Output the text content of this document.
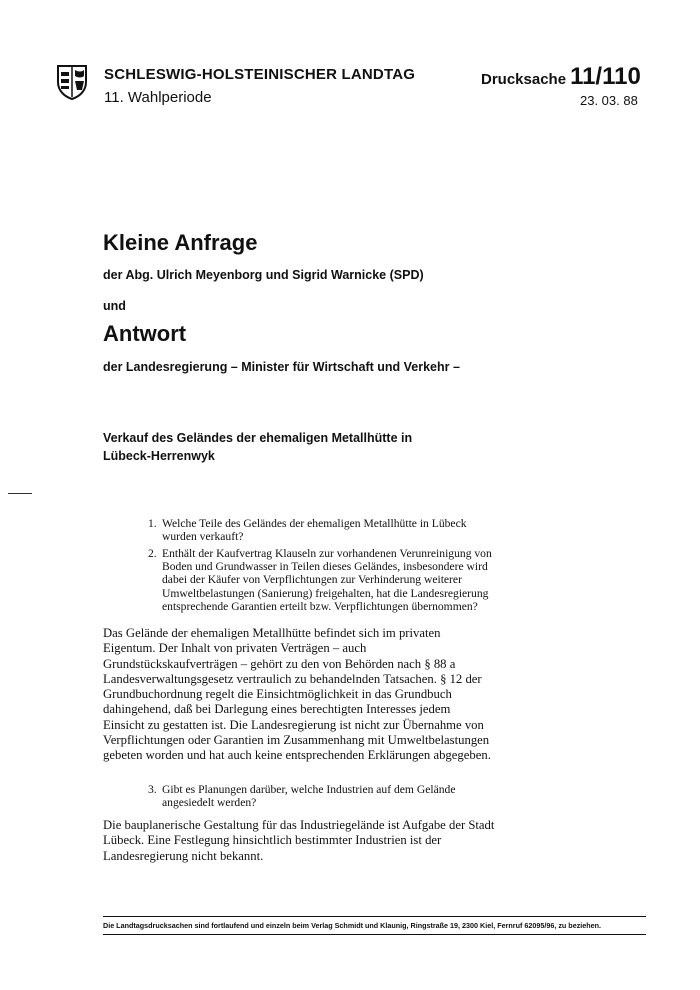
SCHLESWIG-HOLSTEINISCHER LANDTAG
11. Wahlperiode
Drucksache 11/110
23. 03. 88
Kleine Anfrage
der Abg. Ulrich Meyenborg und Sigrid Warnicke (SPD)
und
Antwort
der Landesregierung – Minister für Wirtschaft und Verkehr –
Verkauf des Geländes der ehemaligen Metallhütte in Lübeck-Herrenwyk
1. Welche Teile des Geländes der ehemaligen Metallhütte in Lübeck wurden verkauft?
2. Enthält der Kaufvertrag Klauseln zur vorhandenen Verunreinigung von Boden und Grundwasser in Teilen dieses Geländes, insbesondere wird dabei der Käufer von Verpflichtungen zur Verhinderung weiterer Umweltbelastungen (Sanierung) freigehalten, hat die Landesregierung entsprechende Garantien erteilt bzw. Verpflichtungen übernommen?
Das Gelände der ehemaligen Metallhütte befindet sich im privaten Eigentum. Der Inhalt von privaten Verträgen – auch Grundstückskaufverträgen – gehört zu den von Behörden nach § 88 a Landesverwaltungsgesetz vertraulich zu behandelnden Tatsachen. § 12 der Grundbuchordnung regelt die Einsichtmöglichkeit in das Grundbuch dahingehend, daß bei Darlegung eines berechtigten Interesses jedem Einsicht zu gestatten ist. Die Landesregierung ist nicht zur Übernahme von Verpflichtungen oder Garantien im Zusammenhang mit Umweltbelastungen gebeten worden und hat auch keine entsprechenden Erklärungen abgegeben.
3. Gibt es Planungen darüber, welche Industrien auf dem Gelände angesiedelt werden?
Die bauplanerische Gestaltung für das Industriegelände ist Aufgabe der Stadt Lübeck. Eine Festlegung hinsichtlich bestimmter Industrien ist der Landesregierung nicht bekannt.
Die Landtagsdrucksachen sind fortlaufend und einzeln beim Verlag Schmidt und Klaunig, Ringstraße 19, 2300 Kiel, Fernruf 62095/96, zu beziehen.
